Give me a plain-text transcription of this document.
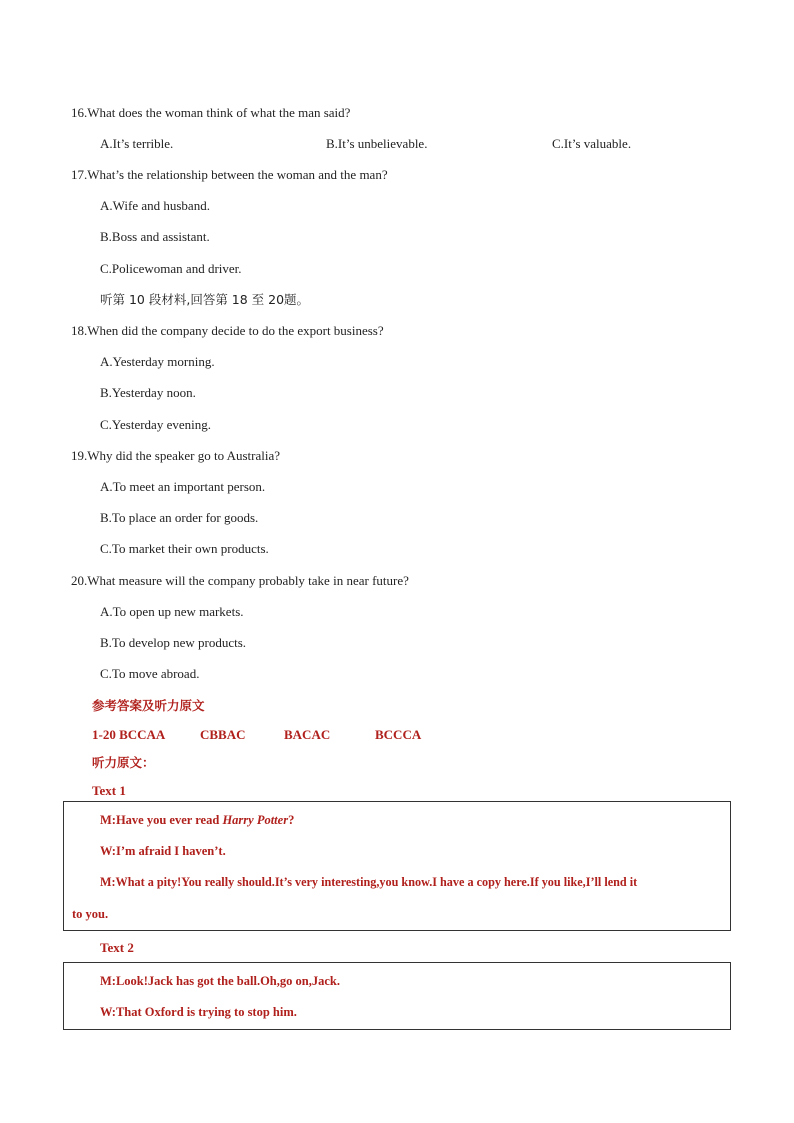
16.What does the woman think of what the man said?
A.It’s terrible.	B.It’s unbelievable.	C.It’s valuable.
17.What’s the relationship between the woman and the man?
A.Wife and husband.
B.Boss and assistant.
C.Policewoman and driver.
听第 10 段材料,回答第 18 至 20题。
18.When did the company decide to do the export business?
A.Yesterday morning.
B.Yesterday noon.
C.Yesterday evening.
19.Why did the speaker go to Australia?
A.To meet an important person.
B.To place an order for goods.
C.To market their own products.
20.What measure will the company probably take in near future?
A.To open up new markets.
B.To develop new products.
C.To move abroad.
参考答案及听力原文
1-20 BCCAA	CBBAC	BACAC	BCCCA
听力原文：
Text 1
M:Have you ever read Harry Potter?
W:I’m afraid I haven’t.
M:What a pity!You really should.It’s very interesting,you know.I have a copy here.If you like,I’ll lend it
to you.
Text 2
M:Look!Jack has got the ball.Oh,go on,Jack.
W:That Oxford is trying to stop him.
